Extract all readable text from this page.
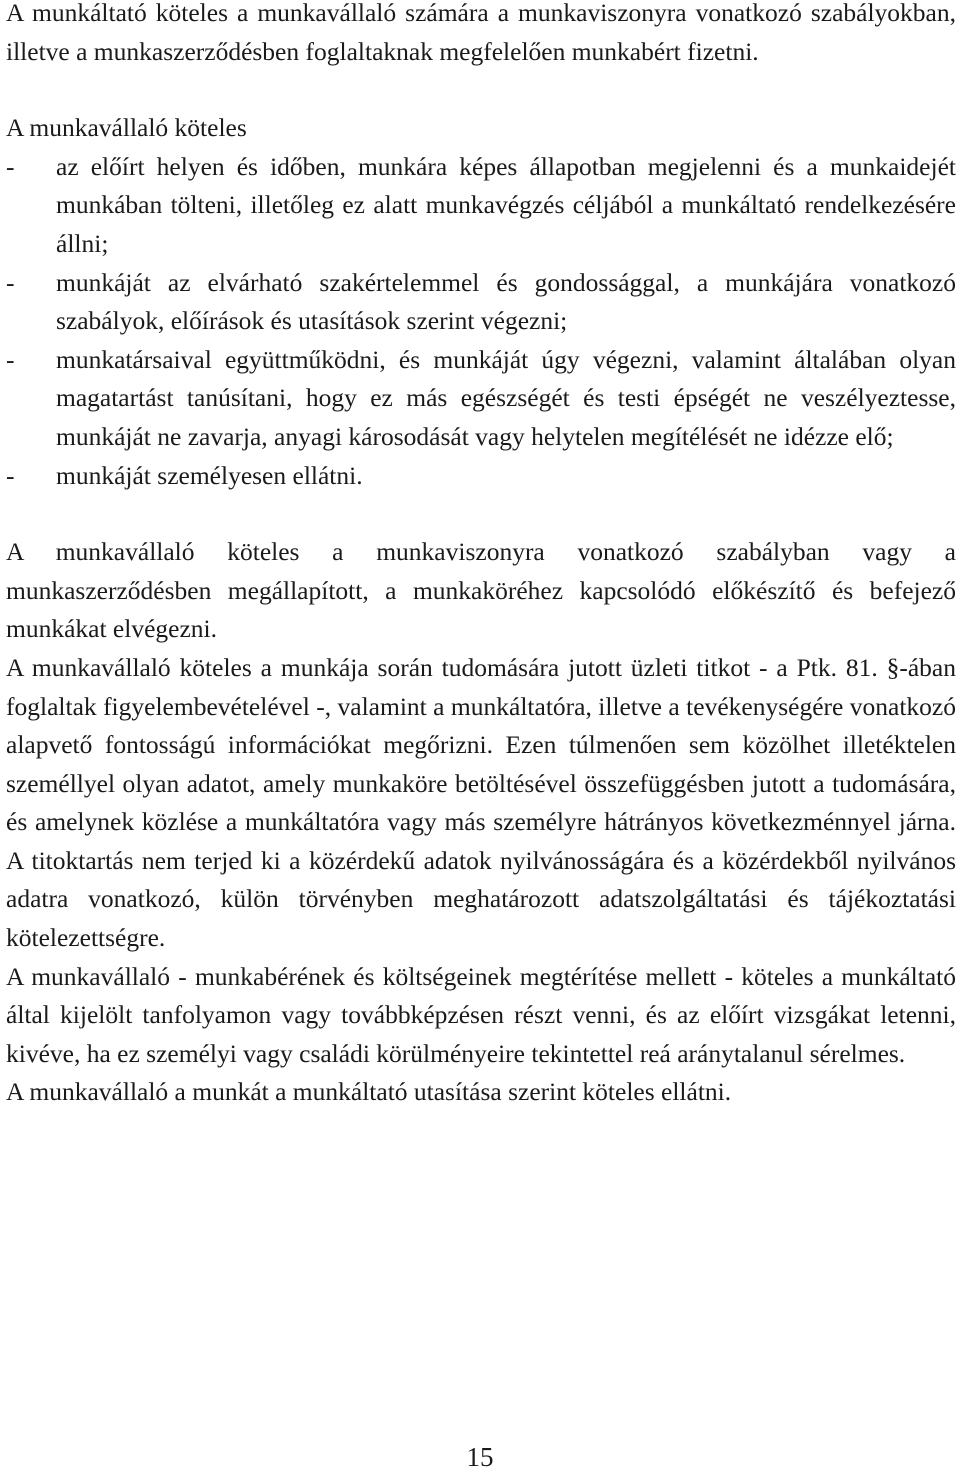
A munkáltató köteles a munkavállaló számára a munkaviszonyra vonatkozó szabályokban, illetve a munkaszerződésben foglaltaknak megfelelően munkabért fizetni.

A munkavállaló köteles

- az előírt helyen és időben, munkára képes állapotban megjelenni és a munkaidejét munkában tölteni, illetőleg ez alatt munkavégzés céljából a munkáltató rendelkezésére állni;
- munkáját az elvárható szakértelemmel és gondossággal, a munkájára vonatkozó szabályok, előírások és utasítások szerint végezni;
- munkatársaival együttműködni, és munkáját úgy végezni, valamint általában olyan magatartást tanúsítani, hogy ez más egészségét és testi épségét ne veszélyeztesse, munkáját ne zavarja, anyagi károsodását vagy helytelen megítélését ne idézze elő;
- munkáját személyesen ellátni.

A munkavállaló köteles a munkaviszonyra vonatkozó szabályban vagy a munkaszerződésben megállapított, a munkaköréhez kapcsolódó előkészítő és befejező munkákat elvégezni.

A munkavállaló köteles a munkája során tudomására jutott üzleti titkot - a Ptk. 81. §-ában foglaltak figyelembevételével -, valamint a munkáltatóra, illetve a tevékenységére vonatkozó alapvető fontosságú információkat megőrizni. Ezen túlmenően sem közölhet illetéktelen személlyel olyan adatot, amely munkaköre betöltésével összefüggésben jutott a tudomására, és amelynek közlése a munkáltatóra vagy más személyre hátrányos következménnyel járna. A titoktartás nem terjed ki a közérdekű adatok nyilvánosságára és a közérdekből nyilvános adatra vonatkozó, külön törvényben meghatározott adatszolgáltatási és tájékoztatási kötelezettségre.

A munkavállaló - munkabérének és költségeinek megtérítése mellett - köteles a munkáltató által kijelölt tanfolyamon vagy továbbképzésen részt venni, és az előírt vizsgákat letenni, kivéve, ha ez személyi vagy családi körülményeire tekintettel reá aránytalanul sérelmes.

A munkavállaló a munkát a munkáltató utasítása szerint köteles ellátni.

15
